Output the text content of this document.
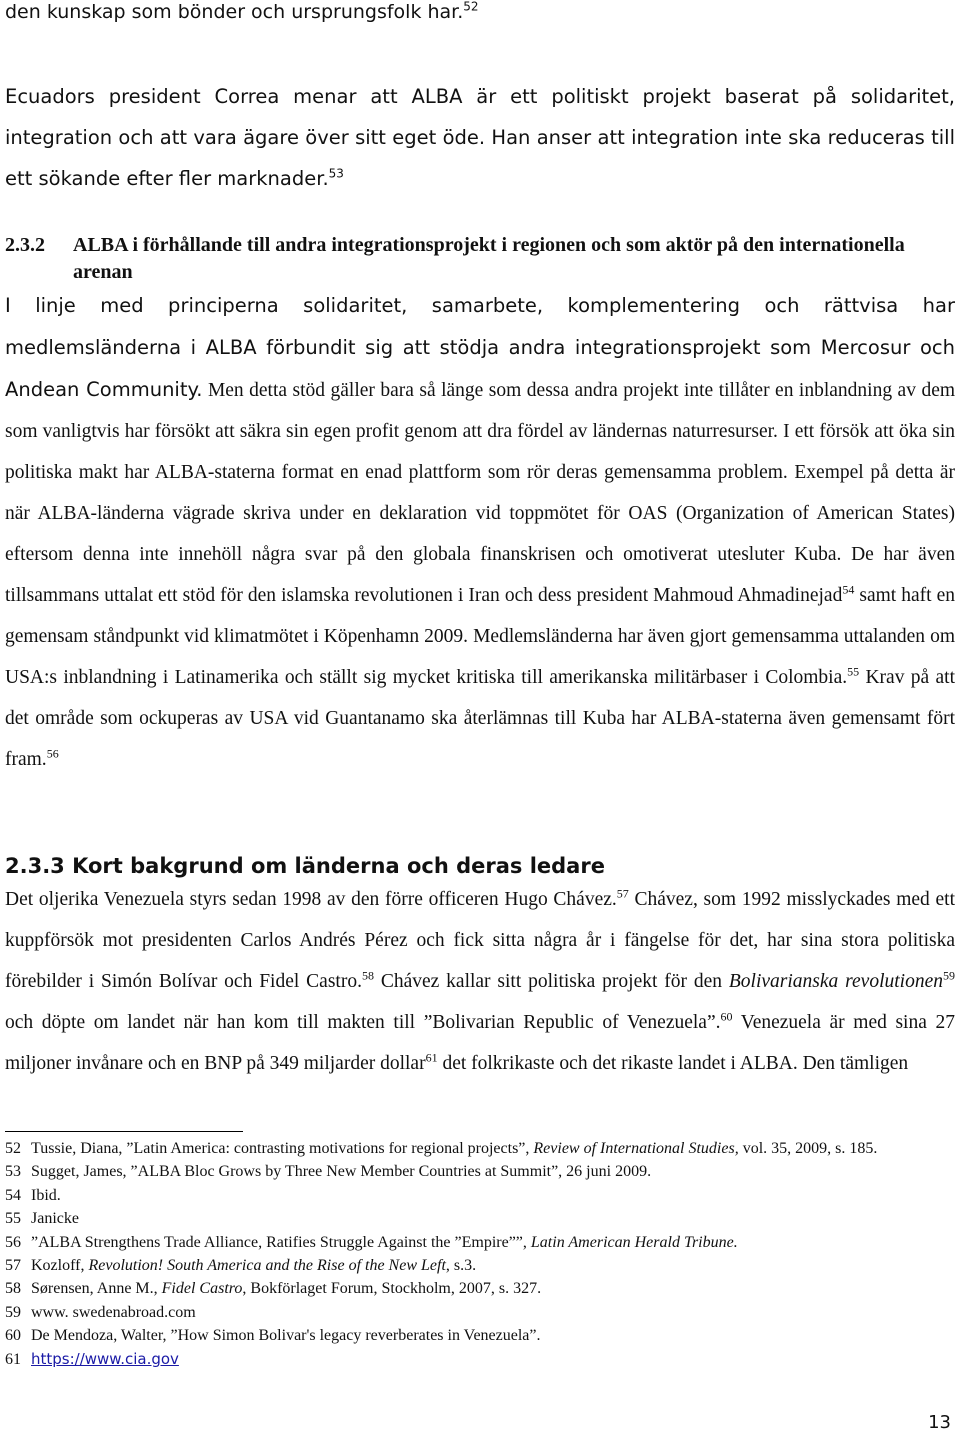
den kunskap som bönder och ursprungsfolk har.$^{52}$

Ecuadors president Correa menar att ALBA är ett politiskt projekt baserat på solidaritet, integration och att vara ägare över sitt eget öde. Han anser att integration inte ska reduceras till ett sökande efter fler marknader.$^{53}$

2.3.2	ALBA i förhållande till andra integrationsprojekt i regionen och som aktör på den internationella arenan

I linje med principerna solidaritet, samarbete, komplementering och rättvisa har medlemsländerna i ALBA förbundit sig att stödja andra integrationsprojekt som Mercosur och Andean Community. Men detta stöd gäller bara så länge som dessa andra projekt inte tillåter en inblandning av dem som vanligtvis har försökt att säkra sin egen profit genom att dra fördel av ländernas naturresurser. I ett försök att öka sin politiska makt har ALBA-staterna format en enad plattform som rör deras gemensamma problem. Exempel på detta är när ALBA-länderna vägrade skriva under en deklaration vid toppmötet för OAS (Organization of American States) eftersom denna inte innehöll några svar på den globala finanskrisen och omotiverat utesluter Kuba. De har även tillsammans uttalat ett stöd för den islamska revolutionen i Iran och dess president Mahmoud Ahmadinejad$^{54}$ samt haft en gemensam ståndpunkt vid klimatmötet i Köpenhamn 2009. Medlemsländerna har även gjort gemensamma uttalanden om USA:s inblandning i Latinamerika och ställt sig mycket kritiska till amerikanska militärbaser i Colombia.$^{55}$ Krav på att det område som ockuperas av USA vid Guantanamo ska återlämnas till Kuba har ALBA-staterna även gemensamt fört fram.$^{56}$

2.3.3 Kort bakgrund om länderna och deras ledare

Det oljerika Venezuela styrs sedan 1998 av den förre officeren Hugo Chávez.$^{57}$ Chávez, som 1992 misslyckades med ett kuppförsök mot presidenten Carlos Andrés Pérez och fick sitta några år i fängelse för det, har sina stora politiska förebilder i Simón Bolívar och Fidel Castro.$^{58}$ Chávez kallar sitt politiska projekt för den Bolivarianska revolutionen$^{59}$ och döpte om landet när han kom till makten till ”Bolivarian Republic of Venezuela”.$^{60}$ Venezuela är med sina 27 miljoner invånare och en BNP på 349 miljarder dollar$^{61}$ det folkrikaste och det rikaste landet i ALBA. Den tämligen

52 Tussie, Diana, ”Latin America: contrasting motivations for regional projects”, Review of International Studies, vol. 35, 2009, s. 185.
53 Sugget, James, ”ALBA Bloc Grows by Three New Member Countries at Summit”, 26 juni 2009.
54 Ibid.
55 Janicke
56 ”ALBA Strengthens Trade Alliance, Ratifies Struggle Against the ”Empire””, Latin American Herald Tribune.
57 Kozloff, Revolution! South America and the Rise of the New Left, s.3.
58 Sørensen, Anne M., Fidel Castro, Bokförlaget Forum, Stockholm, 2007, s. 327.
59 www. swedenabroad.com
60 De Mendoza, Walter, ”How Simon Bolivar's legacy reverberates in Venezuela”.
61 https://www.cia.gov
13
